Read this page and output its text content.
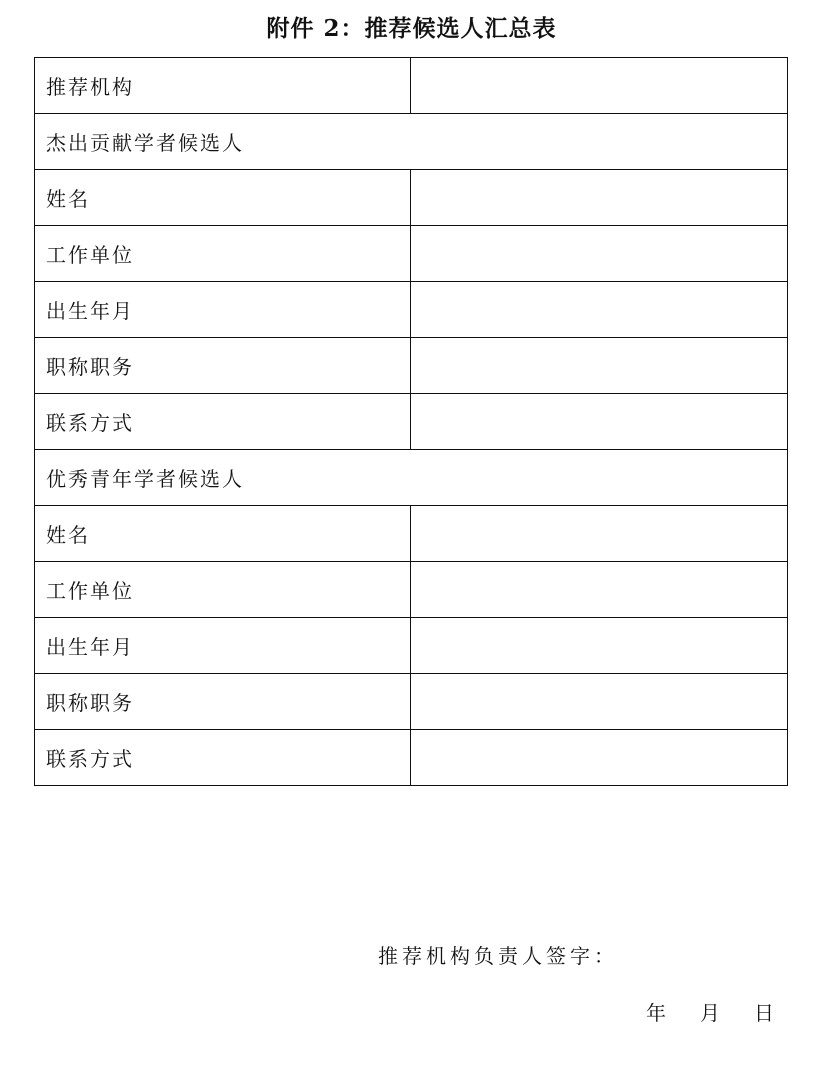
附件 2：推荐候选人汇总表
推荐机构	
杰出贡献学者候选人	
姓名	
工作单位	
出生年月	
职称职务	
联系方式	
优秀青年学者候选人	
姓名	
工作单位	
出生年月	
职称职务	
联系方式	
推荐机构负责人签字：
年 月 日
